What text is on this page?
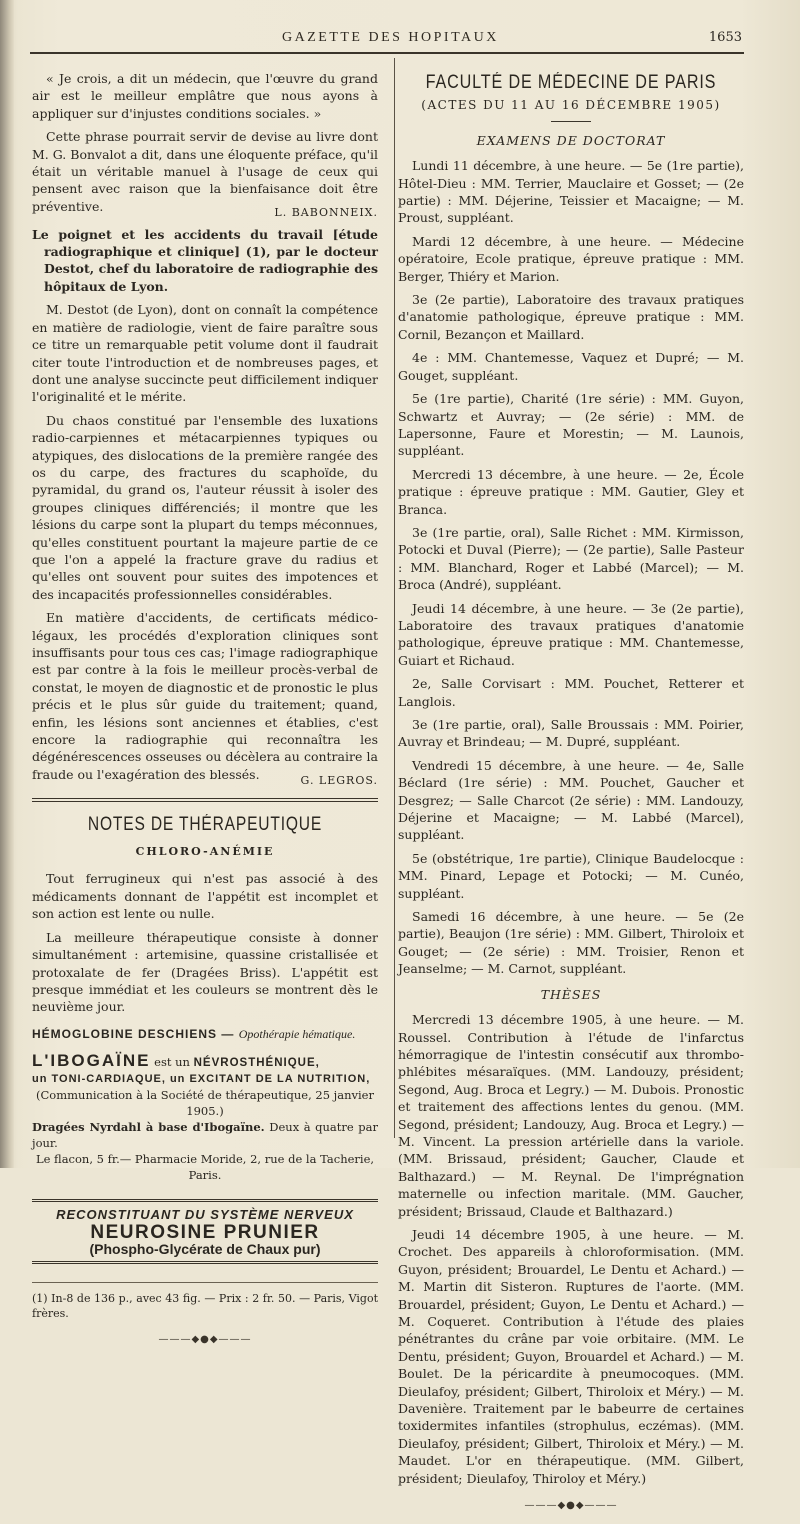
GAZETTE DES HOPITAUX	1653

« Je crois, a dit un médecin, que l'œuvre du grand air est le meilleur emplâtre que nous ayons à appliquer sur d'injustes conditions sociales. »

Cette phrase pourrait servir de devise au livre dont M. G. Bonvalot a dit, dans une éloquente préface, qu'il était un véritable manuel à l'usage de ceux qui pensent avec raison que la bienfaisance doit être préventive.	L. BABONNEIX.

Le poignet et les accidents du travail [étude radiographique et clinique] (1), par le docteur Destot, chef du laboratoire de radiographie des hôpitaux de Lyon.

M. Destot (de Lyon), dont on connaît la compétence en matière de radiologie, vient de faire paraître sous ce titre un remarquable petit volume dont il faudrait citer toute l'introduction et de nombreuses pages, et dont une analyse succincte peut difficilement indiquer l'originalité et le mérite.

Du chaos constitué par l'ensemble des luxations radio-carpiennes et métacarpiennes typiques ou atypiques, des dislocations de la première rangée des os du carpe, des fractures du scaphoïde, du pyramidal, du grand os, l'auteur réussit à isoler des groupes cliniques différenciés; il montre que les lésions du carpe sont la plupart du temps méconnues, qu'elles constituent pourtant la majeure partie de ce que l'on a appelé la fracture grave du radius et qu'elles ont souvent pour suites des impotences et des incapacités professionnelles considérables.

En matière d'accidents, de certificats médico-légaux, les procédés d'exploration cliniques sont insuffisants pour tous ces cas; l'image radiographique est par contre à la fois le meilleur procès-verbal de constat, le moyen de diagnostic et de pronostic le plus précis et le plus sûr guide du traitement; quand, enfin, les lésions sont anciennes et établies, c'est encore la radiographie qui reconnaîtra les dégénérescences osseuses ou décèlera au contraire la fraude ou l'exagération des blessés.	G. LEGROS.
NOTES DE THÉRAPEUTIQUE
CHLORO-ANÉMIE

Tout ferrugineux qui n'est pas associé à des médicaments donnant de l'appétit est incomplet et son action est lente ou nulle.

La meilleure thérapeutique consiste à donner simultanément : artemisine, quassine cristallisée et protoxalate de fer (Dragées Briss). L'appétit est presque immédiat et les couleurs se montrent dès le neuvième jour.

HÉMOGLOBINE DESCHIENS — Opothérapie hématique.
L'IBOGAÏNE est un NÉVROSTHÉNIQUE,
un TONI-CARDIAQUE, un EXCITANT DE LA NUTRITION,
(Communication à la Société de thérapeutique, 25 janvier 1905.)
Dragées Nyrdahl à base d'Ibogaïne. Deux à quatre par jour.
Le flacon, 5 fr.— Pharmacie Moride, 2, rue de la Tacherie, Paris.
RECONSTITUANT DU SYSTÈME NERVEUX
NEUROSINE PRUNIER
(Phospho-Glycérate de Chaux pur)
(1) In-8 de 136 p., avec 43 fig. — Prix : 2 fr. 50. — Paris, Vigot frères.
———◆●◆———
FACULTÉ DE MÉDECINE DE PARIS
(ACTES DU 11 AU 16 DÉCEMBRE 1905)
EXAMENS DE DOCTORAT

Lundi 11 décembre, à une heure. — 5e (1re partie), Hôtel-Dieu : MM. Terrier, Mauclaire et Gosset; — (2e partie) : MM. Déjerine, Teissier et Macaigne; — M. Proust, suppléant.

Mardi 12 décembre, à une heure. — Médecine opératoire, Ecole pratique, épreuve pratique : MM. Berger, Thiéry et Marion.

3e (2e partie), Laboratoire des travaux pratiques d'anatomie pathologique, épreuve pratique : MM. Cornil, Bezançon et Maillard.

4e : MM. Chantemesse, Vaquez et Dupré; — M. Gouget, suppléant.

5e (1re partie), Charité (1re série) : MM. Guyon, Schwartz et Auvray; — (2e série) : MM. de Lapersonne, Faure et Morestin; — M. Launois, suppléant.

Mercredi 13 décembre, à une heure. — 2e, École pratique : épreuve pratique : MM. Gautier, Gley et Branca.

3e (1re partie, oral), Salle Richet : MM. Kirmisson, Potocki et Duval (Pierre); — (2e partie), Salle Pasteur : MM. Blanchard, Roger et Labbé (Marcel); — M. Broca (André), suppléant.

Jeudi 14 décembre, à une heure. — 3e (2e partie), Laboratoire des travaux pratiques d'anatomie pathologique, épreuve pratique : MM. Chantemesse, Guiart et Richaud.

2e, Salle Corvisart : MM. Pouchet, Retterer et Langlois.

3e (1re partie, oral), Salle Broussais : MM. Poirier, Auvray et Brindeau; — M. Dupré, suppléant.

Vendredi 15 décembre, à une heure. — 4e, Salle Béclard (1re série) : MM. Pouchet, Gaucher et Desgrez; — Salle Charcot (2e série) : MM. Landouzy, Déjerine et Macaigne; — M. Labbé (Marcel), suppléant.

5e (obstétrique, 1re partie), Clinique Baudelocque : MM. Pinard, Lepage et Potocki; — M. Cunéo, suppléant.

Samedi 16 décembre, à une heure. — 5e (2e partie), Beaujon (1re série) : MM. Gilbert, Thiroloix et Gouget; — (2e série) : MM. Troisier, Renon et Jeanselme; — M. Carnot, suppléant.

THÈSES

Mercredi 13 décembre 1905, à une heure. — M. Roussel. Contribution à l'étude de l'infarctus hémorragique de l'intestin consécutif aux thrombo-phlébites mésaraïques. (MM. Landouzy, président; Segond, Aug. Broca et Legry.) — M. Dubois. Pronostic et traitement des affections lentes du genou. (MM. Segond, président; Landouzy, Aug. Broca et Legry.) — M. Vincent. La pression artérielle dans la variole. (MM. Brissaud, président; Gaucher, Claude et Balthazard.) — M. Reynal. De l'imprégnation maternelle ou infection maritale. (MM. Gaucher, président; Brissaud, Claude et Balthazard.)

Jeudi 14 décembre 1905, à une heure. — M. Crochet. Des appareils à chloroformisation. (MM. Guyon, président; Brouardel, Le Dentu et Achard.) — M. Martin dit Sisteron. Ruptures de l'aorte. (MM. Brouardel, président; Guyon, Le Dentu et Achard.) — M. Coqueret. Contribution à l'étude des plaies pénétrantes du crâne par voie orbitaire. (MM. Le Dentu, président; Guyon, Brouardel et Achard.) — M. Boulet. De la péricardite à pneumocoques. (MM. Dieulafoy, président; Gilbert, Thiroloix et Méry.) — M. Davenière. Traitement par le babeurre de certaines toxidermites infantiles (strophulus, eczémas). (MM. Dieulafoy, président; Gilbert, Thiroloix et Méry.) — M. Maudet. L'or en thérapeutique. (MM. Gilbert, président; Dieulafoy, Thiroloy et Méry.)

———◆●◆———
